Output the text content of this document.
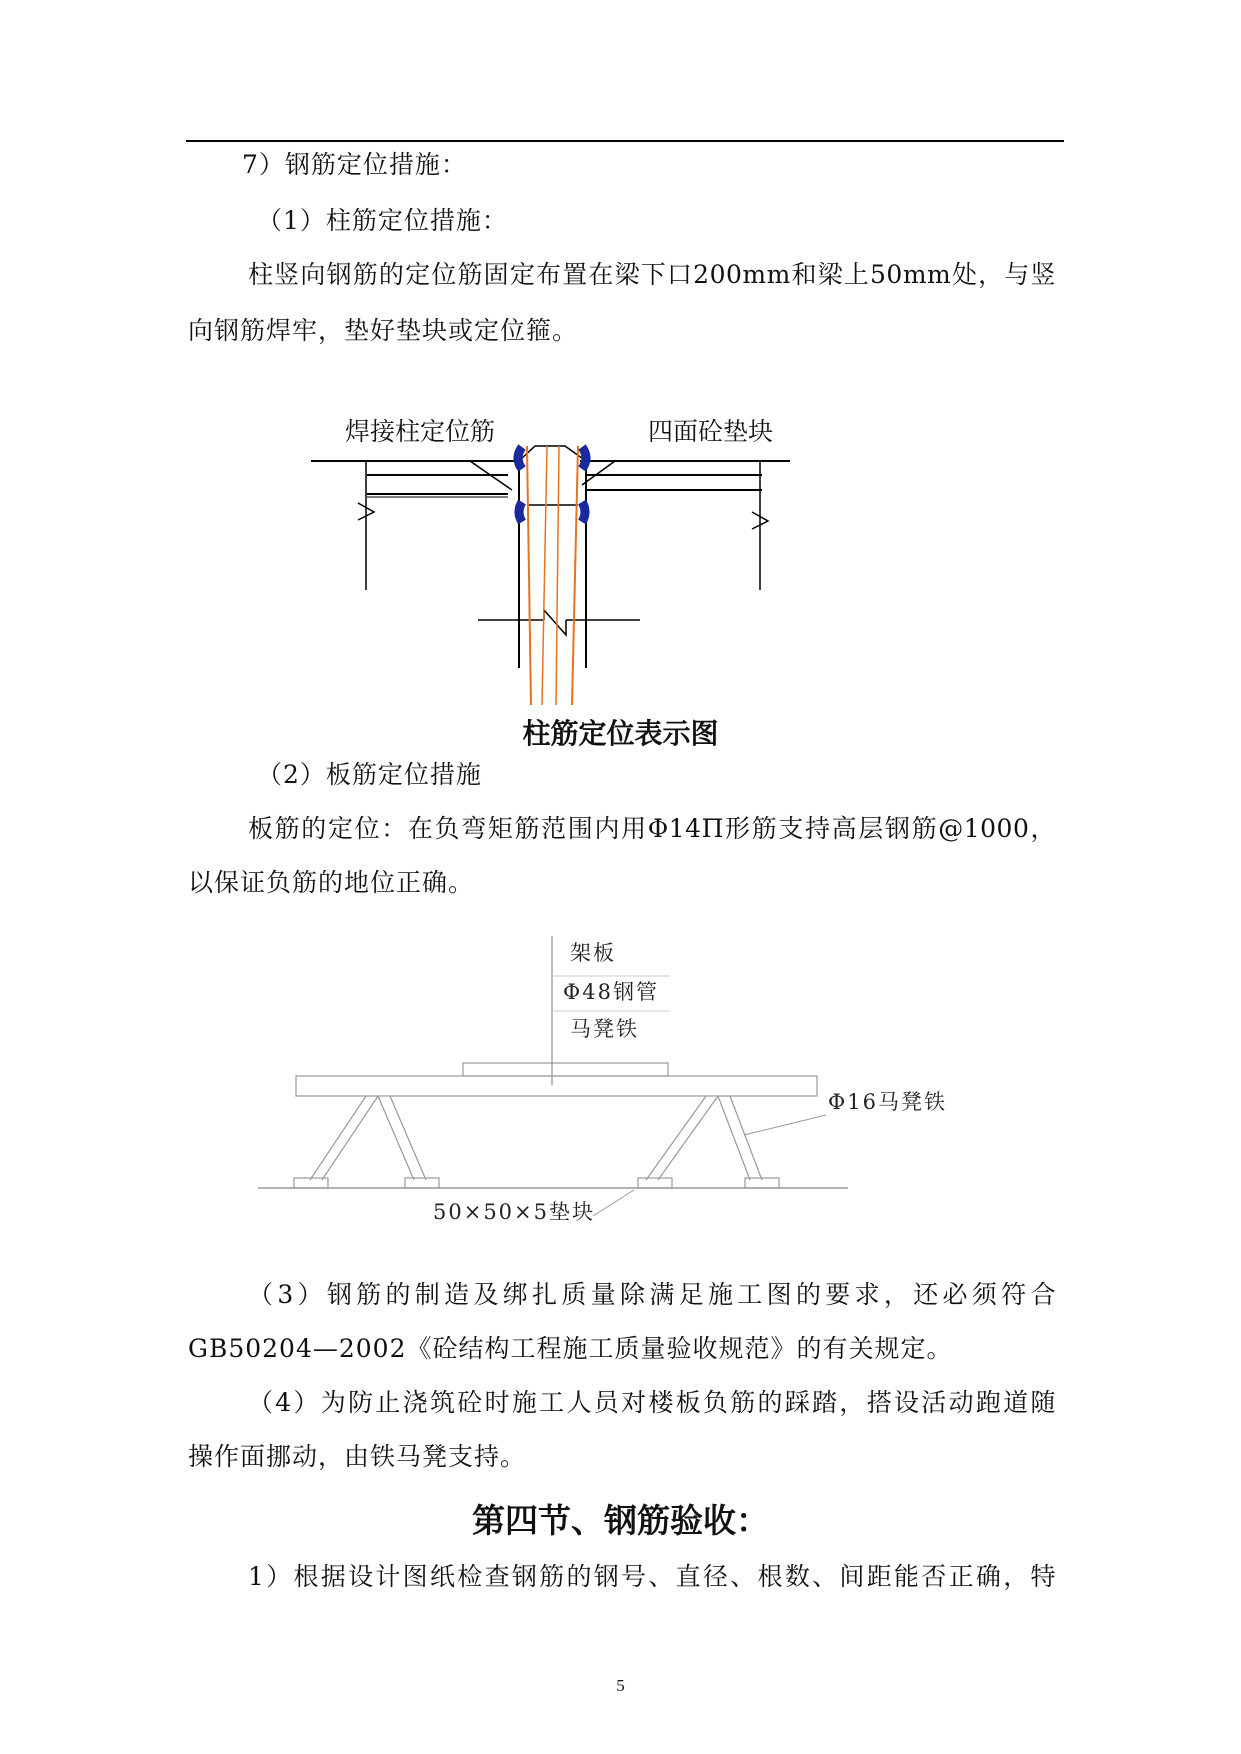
7）钢筋定位措施：
（1）柱筋定位措施：
柱竖向钢筋的定位筋固定布置在梁下口200mm和梁上50mm处，与竖
向钢筋焊牢，垫好垫块或定位箍。
焊接柱定位筋	四面砼垫块
柱筋定位表示图
（2）板筋定位措施
板筋的定位：在负弯矩筋范围内用Φ14Π形筋支持高层钢筋@1000，
以保证负筋的地位正确。
架板
Φ48钢管
马凳铁
Φ16马凳铁
50×50×5垫块
（3）钢筋的制造及绑扎质量除满足施工图的要求，还必须符合
GB50204—2002《砼结构工程施工质量验收规范》的有关规定。
（4）为防止浇筑砼时施工人员对楼板负筋的踩踏，搭设活动跑道随
操作面挪动，由铁马凳支持。
第四节、钢筋验收：
1）根据设计图纸检查钢筋的钢号、直径、根数、间距能否正确，特
5
